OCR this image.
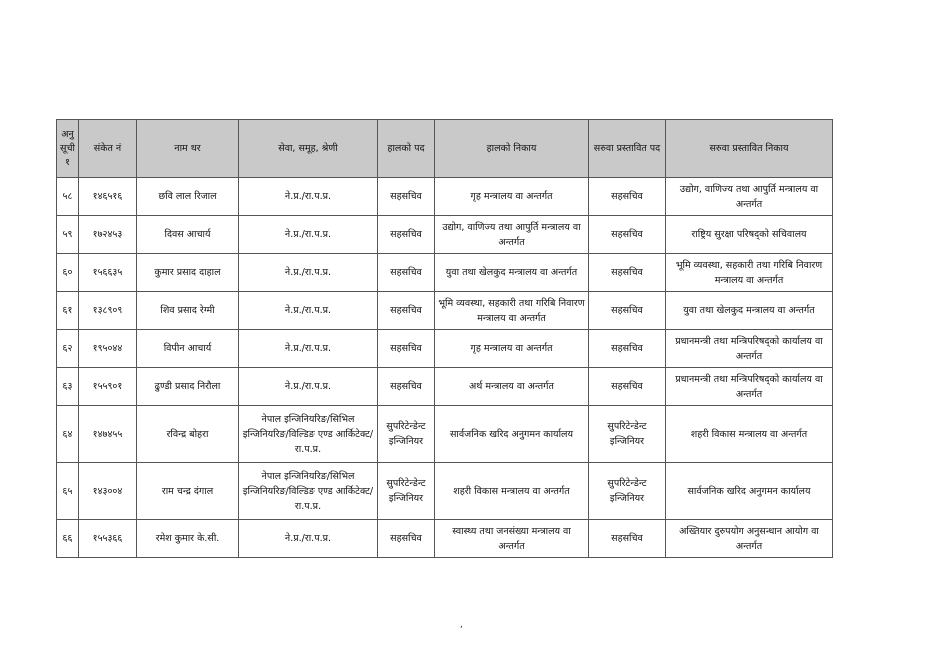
अनु सूची १	संकेत नं	नाम थर	सेवा, समूह, श्रेणी	हालको पद	हालको निकाय	सरुवा प्रस्तावित पद	सरुवा प्रस्तावित निकाय
५८	१४६५१६	छवि लाल रिजाल	ने.प्र./रा.प.प्र.	सहसचिव	गृह मन्त्रालय वा अन्तर्गत	सहसचिव	उद्योग, वाणिज्य तथा आपुर्ति मन्त्रालय वा अन्तर्गत
५९	१७२४५३	दिवस आचार्य	ने.प्र./रा.प.प्र.	सहसचिव	उद्योग, वाणिज्य तथा आपुर्ति मन्त्रालय वा अन्तर्गत	सहसचिव	राष्ट्रिय सुरक्षा परिषद्को सचिवालय
६०	१५६६३५	कुमार प्रसाद दाहाल	ने.प्र./रा.प.प्र.	सहसचिव	युवा तथा खेलकुद मन्त्रालय वा अन्तर्गत	सहसचिव	भूमि व्यवस्था, सहकारी तथा गरिबि निवारण मन्त्रालय वा अन्तर्गत
६१	१३८९०९	शिव प्रसाद रेग्मी	ने.प्र./रा.प.प्र.	सहसचिव	भूमि व्यवस्था, सहकारी तथा गरिबि निवारण मन्त्रालय वा अन्तर्गत	सहसचिव	युवा तथा खेलकुद मन्त्रालय वा अन्तर्गत
६२	१९५०४४	विपीन आचार्य	ने.प्र./रा.प.प्र.	सहसचिव	गृह मन्त्रालय वा अन्तर्गत	सहसचिव	प्रधानमन्त्री तथा मन्त्रिपरिषद्को कार्यालय वा अन्तर्गत
६३	१५५९०१	ढुण्डी प्रसाद निरौला	ने.प्र./रा.प.प्र.	सहसचिव	अर्थ मन्त्रालय वा अन्तर्गत	सहसचिव	प्रधानमन्त्री तथा मन्त्रिपरिषद्को कार्यालय वा अन्तर्गत
६४	१४७४५५	रविन्द्र बोहरा	नेपाल इन्जिनियरिङ/सिभिल इन्जिनियरिङ/विल्डिङ एण्ड आर्किटेक्ट/रा.प.प्र.	सुपरिटेन्डेन्ट इन्जिनियर	सार्वजनिक खरिद अनुगमन कार्यालय	सुपरिटेन्डेन्ट इन्जिनियर	शहरी विकास मन्त्रालय वा अन्तर्गत
६५	१४३००४	राम चन्द्र दंगाल	नेपाल इन्जिनियरिङ/सिभिल इन्जिनियरिङ/विल्डिङ एण्ड आर्किटेक्ट/रा.प.प्र.	सुपरिटेन्डेन्ट इन्जिनियर	शहरी विकास मन्त्रालय वा अन्तर्गत	सुपरिटेन्डेन्ट इन्जिनियर	सार्वजनिक खरिद अनुगमन कार्यालय
६६	१५५३६६	रमेश कुमार के.सी.	ने.प्र./रा.प.प्र.	सहसचिव	स्वास्थ्य तथा जनसंख्या मन्त्रालय वा अन्तर्गत	सहसचिव	अख्तियार दुरुपयोग अनुसन्धान आयोग वा अन्तर्गत
,
